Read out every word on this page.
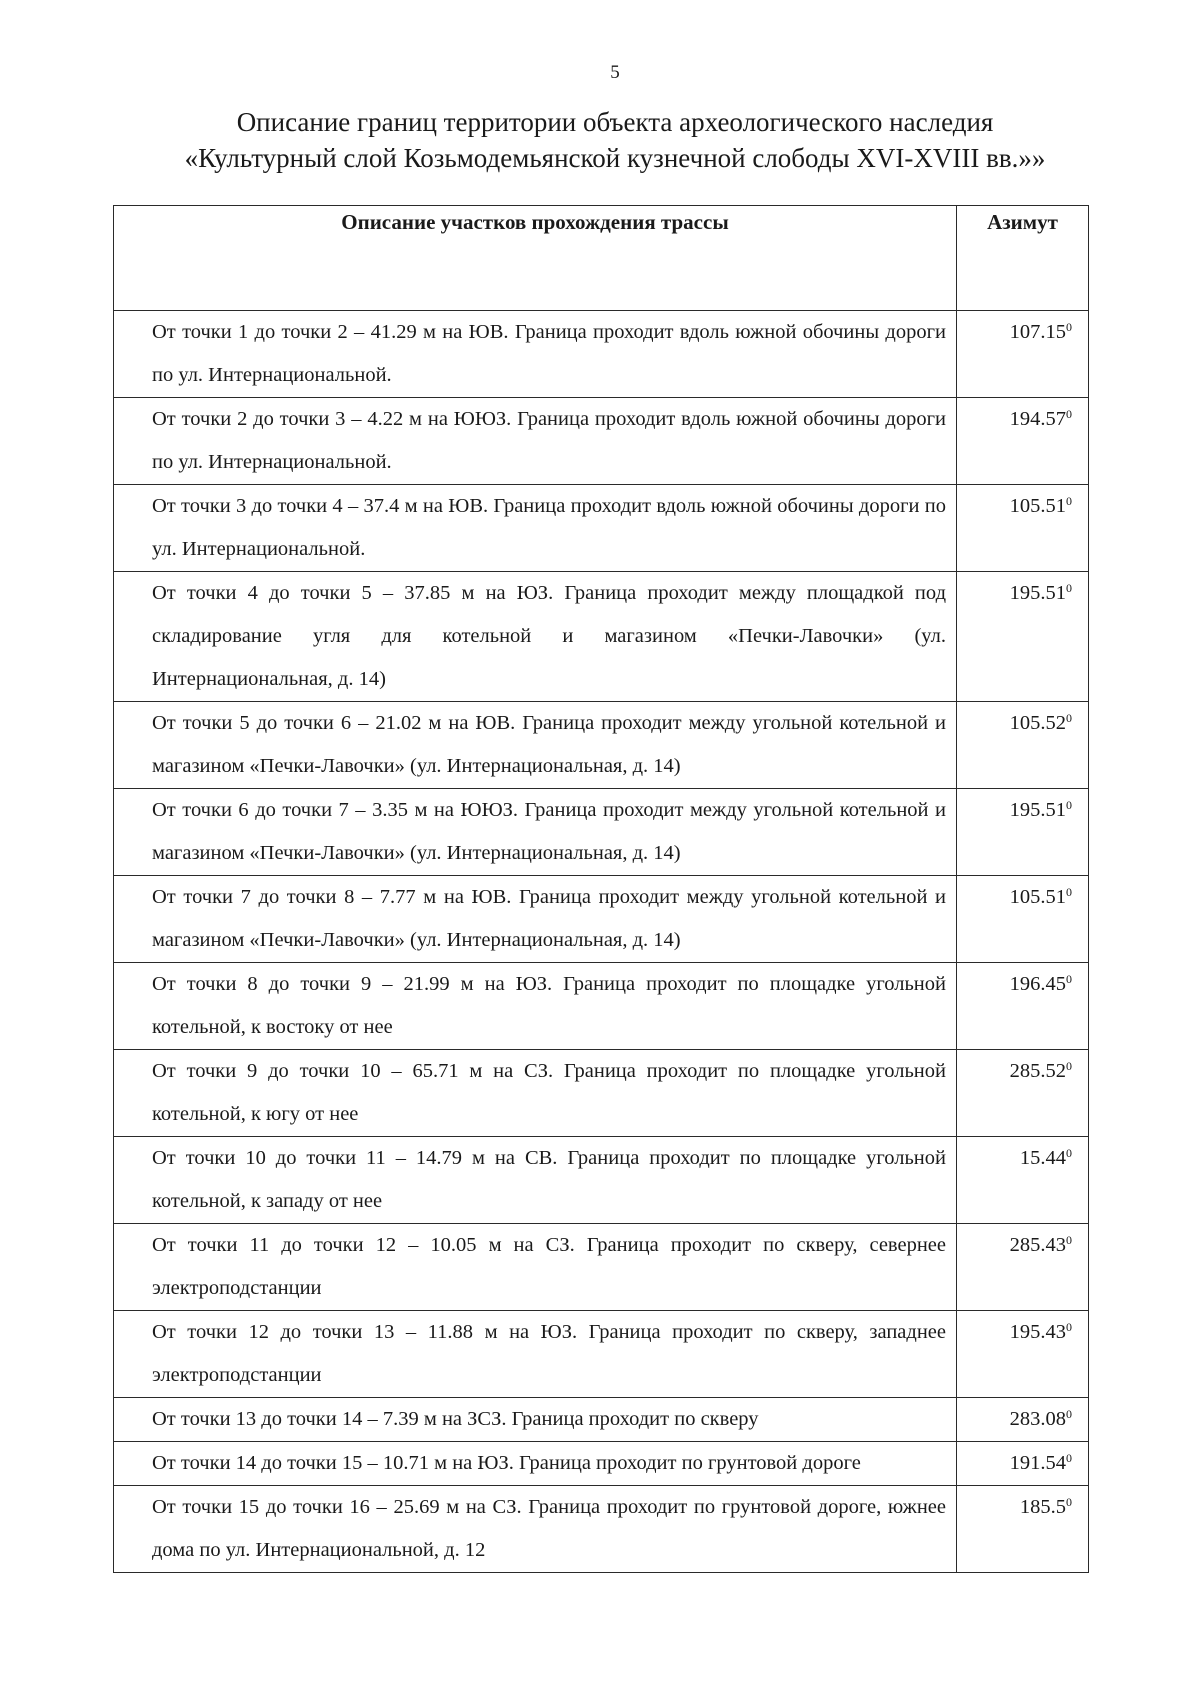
5
Описание границ территории объекта археологического наследия
«Культурный слой Козьмодемьянской кузнечной слободы XVI-XVIII вв.»»
Описание участков прохождения трассы	Азимут
От точки 1 до точки 2 – 41.29 м на ЮВ. Граница проходит вдоль южной обочины дороги по ул. Интернациональной.	107.15$^0$
От точки 2 до точки 3 – 4.22 м на ЮЮЗ. Граница проходит вдоль южной обочины дороги по ул. Интернациональной.	194.57$^0$
От точки 3 до точки 4 – 37.4 м на ЮВ. Граница проходит вдоль южной обочины дороги по ул. Интернациональной.	105.51$^0$
От точки 4 до точки 5 – 37.85 м на ЮЗ. Граница проходит между площадкой под складирование угля для котельной и магазином «Печки-Лавочки» (ул. Интернациональная, д. 14)	195.51$^0$
От точки 5 до точки 6 – 21.02 м на ЮВ. Граница проходит между угольной котельной и магазином «Печки-Лавочки» (ул. Интернациональная, д. 14)	105.52$^0$
От точки 6 до точки 7 – 3.35 м на ЮЮЗ. Граница проходит между угольной котельной и магазином «Печки-Лавочки» (ул. Интернациональная, д. 14)	195.51$^0$
От точки 7 до точки 8 – 7.77 м на ЮВ. Граница проходит между угольной котельной и магазином «Печки-Лавочки» (ул. Интернациональная, д. 14)	105.51$^0$
От точки 8 до точки 9 – 21.99 м на ЮЗ. Граница проходит по площадке угольной котельной, к востоку от нее	196.45$^0$
От точки 9 до точки 10 – 65.71 м на СЗ. Граница проходит по площадке угольной котельной, к югу от нее	285.52$^0$
От точки 10 до точки 11 – 14.79 м на СВ. Граница проходит по площадке угольной котельной, к западу от нее	15.44$^0$
От точки 11 до точки 12 – 10.05 м на СЗ. Граница проходит по скверу, севернее электроподстанции	285.43$^0$
От точки 12 до точки 13 – 11.88 м на ЮЗ. Граница проходит по скверу, западнее электроподстанции	195.43$^0$
От точки 13 до точки 14 – 7.39 м на ЗСЗ. Граница проходит по скверу	283.08$^0$
От точки 14 до точки 15 – 10.71 м на ЮЗ. Граница проходит по грунтовой дороге	191.54$^0$
От точки 15 до точки 16 – 25.69 м на СЗ. Граница проходит по грунтовой дороге, южнее дома по ул. Интернациональной, д. 12	185.5$^0$
